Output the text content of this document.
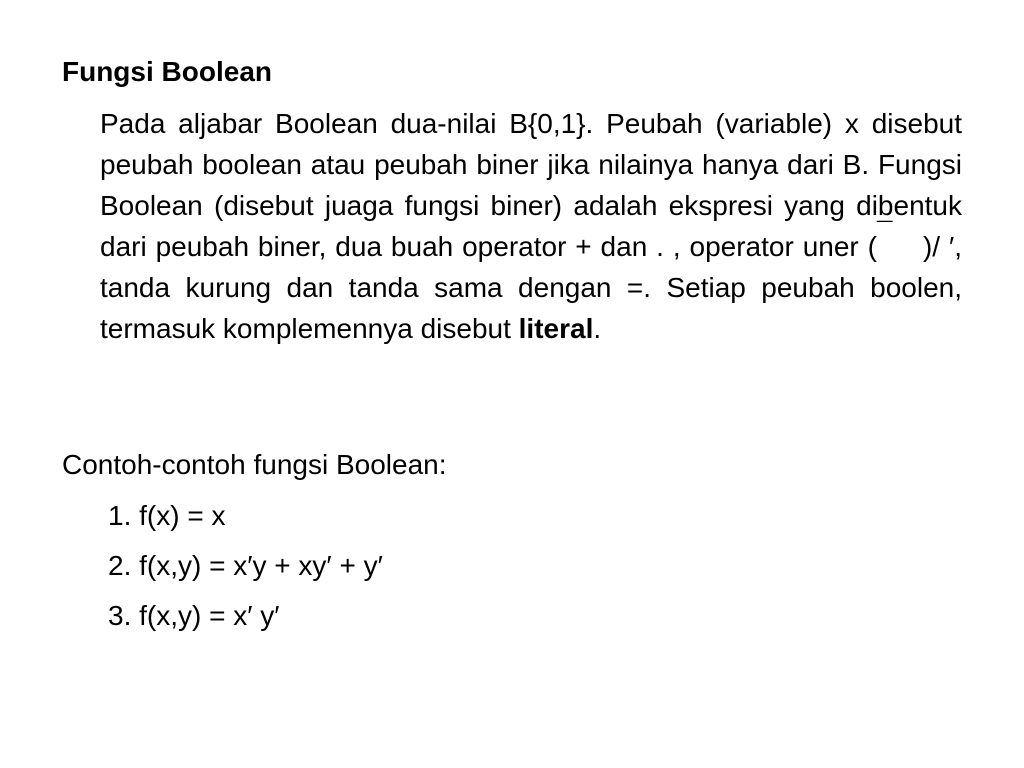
Fungsi Boolean
Pada aljabar Boolean dua-nilai B{0,1}. Peubah (variable) x disebut peubah boolean atau peubah biner jika nilainya hanya dari B. Fungsi Boolean (disebut juaga fungsi biner) adalah ekspresi yang dibentuk dari peubah biner, dua buah operator + dan . , operator uner (¯ )/ ′, tanda kurung dan tanda sama dengan =. Setiap peubah boolen, termasuk komplemennya disebut literal.
Contoh-contoh fungsi Boolean:
1. f(x) = x
2. f(x,y) = x′y + xy′ + y′
3. f(x,y) = x′ y′
